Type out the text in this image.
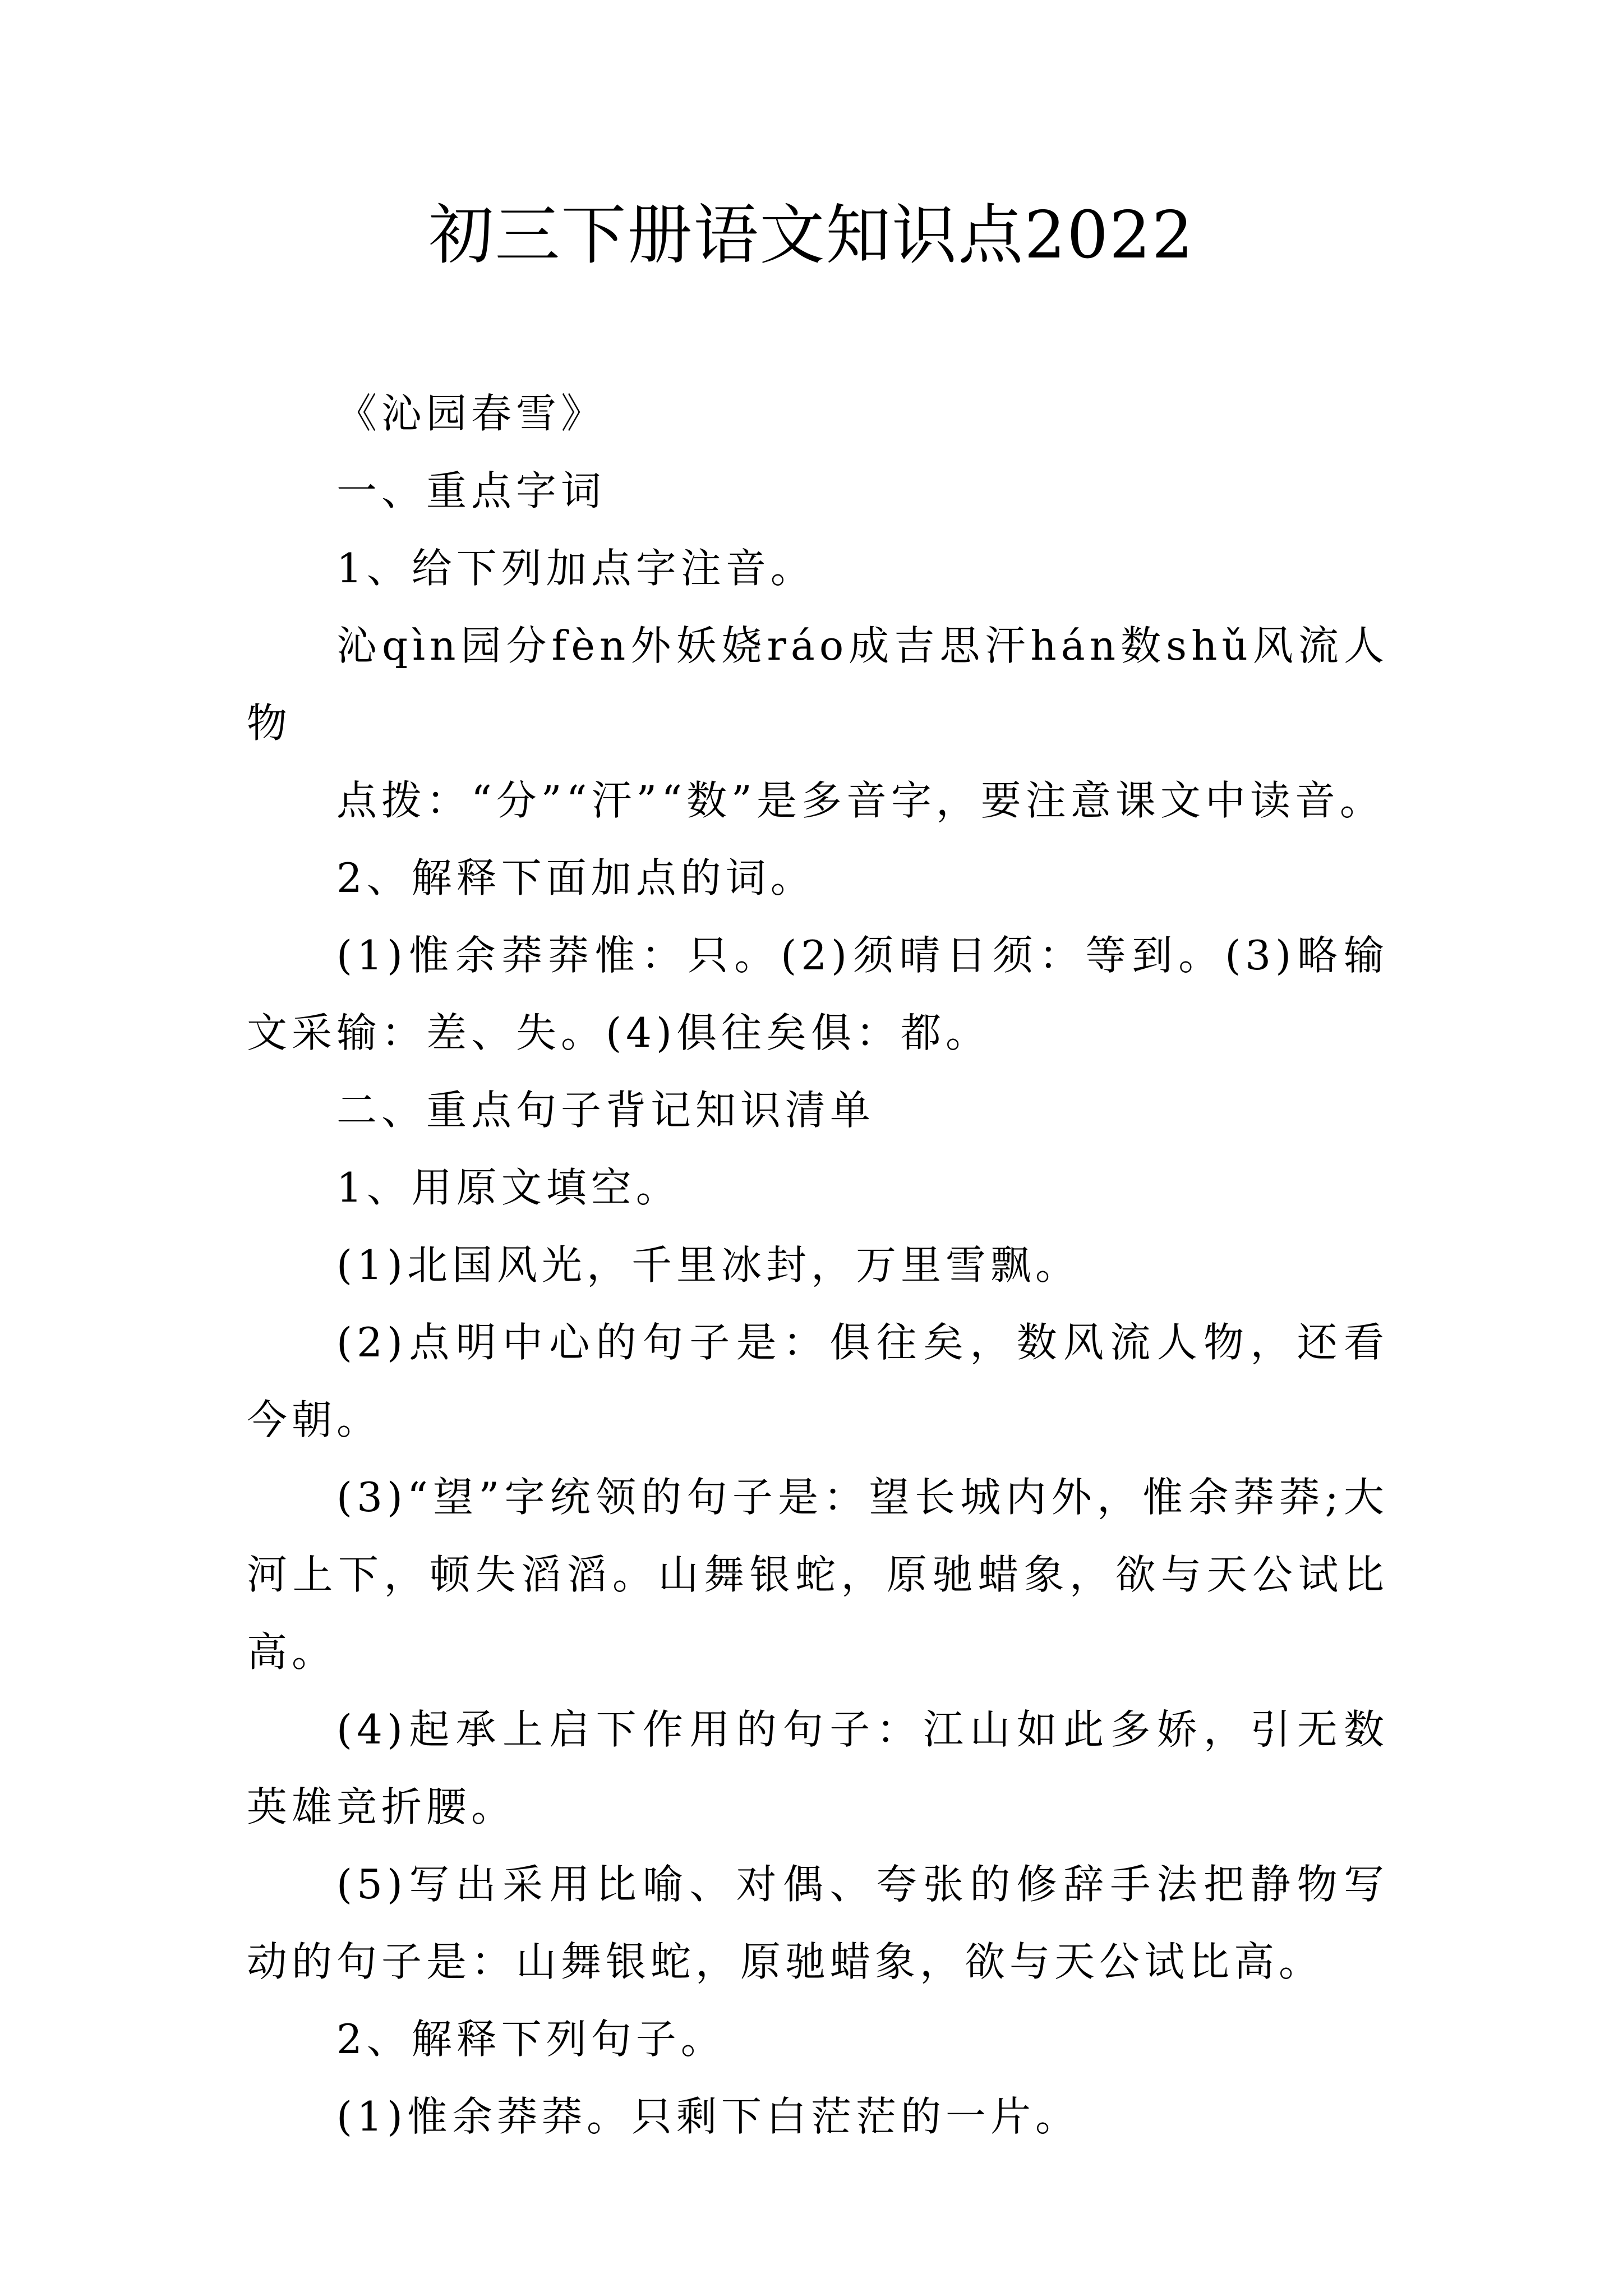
初三下册语文知识点2022

《沁园春雪》

一、重点字词

1、给下列加点字注音。

沁qìn园分fèn外妖娆ráo成吉思汗hán数shǔ风流人物

点拨：“分”“汗”“数”是多音字，要注意课文中读音。

2、解释下面加点的词。

(1)惟余莽莽惟：只。(2)须晴日须：等到。(3)略输文采输：差、失。(4)俱往矣俱：都。

二、重点句子背记知识清单

1、用原文填空。

(1)北国风光，千里冰封，万里雪飘。

(2)点明中心的句子是：俱往矣，数风流人物，还看今朝。

(3)“望”字统领的句子是：望长城内外，惟余莽莽;大河上下，顿失滔滔。山舞银蛇，原驰蜡象，欲与天公试比高。

(4)起承上启下作用的句子：江山如此多娇，引无数英雄竞折腰。

(5)写出采用比喻、对偶、夸张的修辞手法把静物写动的句子是：山舞银蛇，原驰蜡象，欲与天公试比高。

2、解释下列句子。

(1)惟余莽莽。只剩下白茫茫的一片。
